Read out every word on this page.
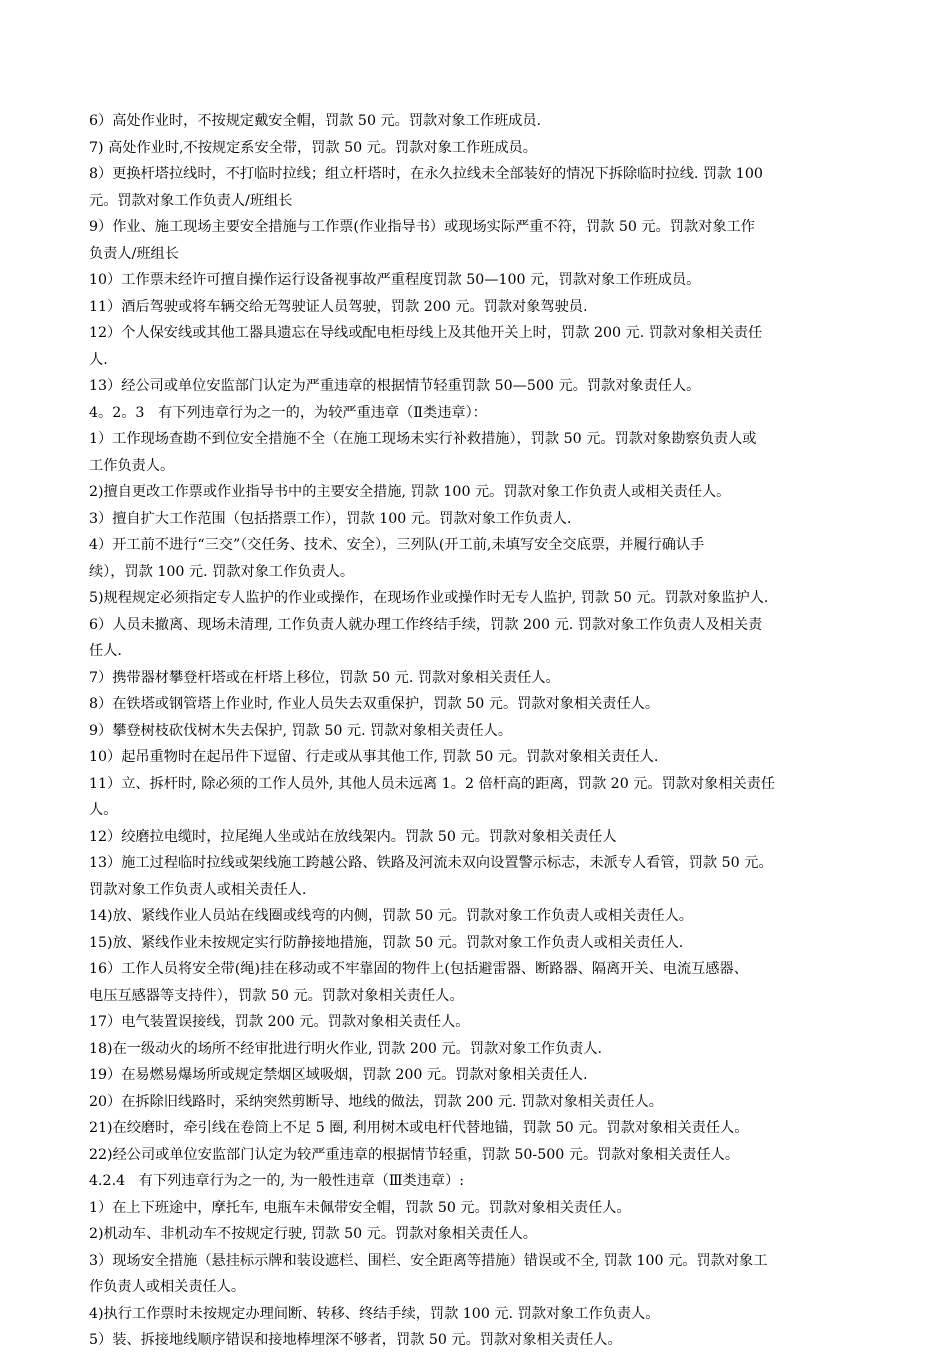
6）高处作业时，不按规定戴安全帽，罚款 50 元。罚款对象工作班成员.
7) 高处作业时,不按规定系安全带，罚款 50 元。罚款对象工作班成员。
8）更换杆塔拉线时，不打临时拉线；组立杆塔时，在永久拉线未全部装好的情况下拆除临时拉线. 罚款 100
元。罚款对象工作负责人/班组长
9）作业、施工现场主要安全措施与工作票(作业指导书）或现场实际严重不符，罚款 50 元。罚款对象工作
负责人/班组长
10）工作票未经许可擅自操作运行设备视事故严重程度罚款 50—100 元，罚款对象工作班成员。
11）酒后驾驶或将车辆交给无驾驶证人员驾驶，罚款 200 元。罚款对象驾驶员.
12）个人保安线或其他工器具遗忘在导线或配电柜母线上及其他开关上时，罚款 200 元. 罚款对象相关责任
人.
13）经公司或单位安监部门认定为严重违章的根据情节轻重罚款 50—500 元。罚款对象责任人。
4。2。3   有下列违章行为之一的，为较严重违章（Ⅱ类违章）：
1）工作现场查勘不到位安全措施不全（在施工现场未实行补救措施），罚款 50 元。罚款对象勘察负责人或
工作负责人。
2)擅自更改工作票或作业指导书中的主要安全措施, 罚款 100 元。罚款对象工作负责人或相关责任人。
3）擅自扩大工作范围（包括搭票工作），罚款 100 元。罚款对象工作负责人.
4）开工前不进行“三交”（交任务、技术、安全），三列队(开工前,未填写安全交底票，并履行确认手
续），罚款 100 元. 罚款对象工作负责人。
5)规程规定必须指定专人监护的作业或操作，在现场作业或操作时无专人监护, 罚款 50 元。罚款对象监护人.
6）人员未撤离、现场未清理, 工作负责人就办理工作终结手续，罚款 200 元. 罚款对象工作负责人及相关责
任人.
7）携带器材攀登杆塔或在杆塔上移位，罚款 50 元. 罚款对象相关责任人。
8）在铁塔或钢管塔上作业时, 作业人员失去双重保护，罚款 50 元。罚款对象相关责任人。
9）攀登树枝砍伐树木失去保护, 罚款 50 元. 罚款对象相关责任人。
10）起吊重物时在起吊件下逗留、行走或从事其他工作, 罚款 50 元。罚款对象相关责任人.
11）立、拆杆时, 除必须的工作人员外, 其他人员未远离 1。2 倍杆高的距离，罚款 20 元。罚款对象相关责任
人。
12）绞磨拉电缆时，拉尾绳人坐或站在放线架内。罚款 50 元。罚款对象相关责任人
13）施工过程临时拉线或架线施工跨越公路、铁路及河流未双向设置警示标志，未派专人看管，罚款 50 元。
罚款对象工作负责人或相关责任人.
14)放、紧线作业人员站在线圈或线弯的内侧，罚款 50 元。罚款对象工作负责人或相关责任人。
15)放、紧线作业未按规定实行防静接地措施，罚款 50 元。罚款对象工作负责人或相关责任人.
16）工作人员将安全带(绳)挂在移动或不牢靠固的物件上(包括避雷器、断路器、隔离开关、电流互感器、
电压互感器等支持件），罚款 50 元。罚款对象相关责任人。
17）电气装置误接线，罚款 200 元。罚款对象相关责任人。
18)在一级动火的场所不经审批进行明火作业, 罚款 200 元。罚款对象工作负责人.
19）在易燃易爆场所或规定禁烟区域吸烟，罚款 200 元。罚款对象相关责任人.
20）在拆除旧线路时，采纳突然剪断导、地线的做法，罚款 200 元. 罚款对象相关责任人。
21)在绞磨时，牵引线在卷筒上不足 5 圈, 利用树木或电杆代替地锚，罚款 50 元。罚款对象相关责任人。
22)经公司或单位安监部门认定为较严重违章的根据情节轻重，罚款 50-500 元。罚款对象相关责任人。
4.2.4   有下列违章行为之一的, 为一般性违章（Ⅲ类违章）:
1）在上下班途中，摩托车, 电瓶车未佩带安全帽，罚款 50 元。罚款对象相关责任人。
2)机动车、非机动车不按规定行驶, 罚款 50 元。罚款对象相关责任人。
3）现场安全措施（悬挂标示牌和装设遮栏、围栏、安全距离等措施）错误或不全, 罚款 100 元。罚款对象工
作负责人或相关责任人。
4)执行工作票时未按规定办理间断、转移、终结手续，罚款 100 元. 罚款对象工作负责人。
5）装、拆接地线顺序错误和接地棒埋深不够者，罚款 50 元。罚款对象相关责任人。
